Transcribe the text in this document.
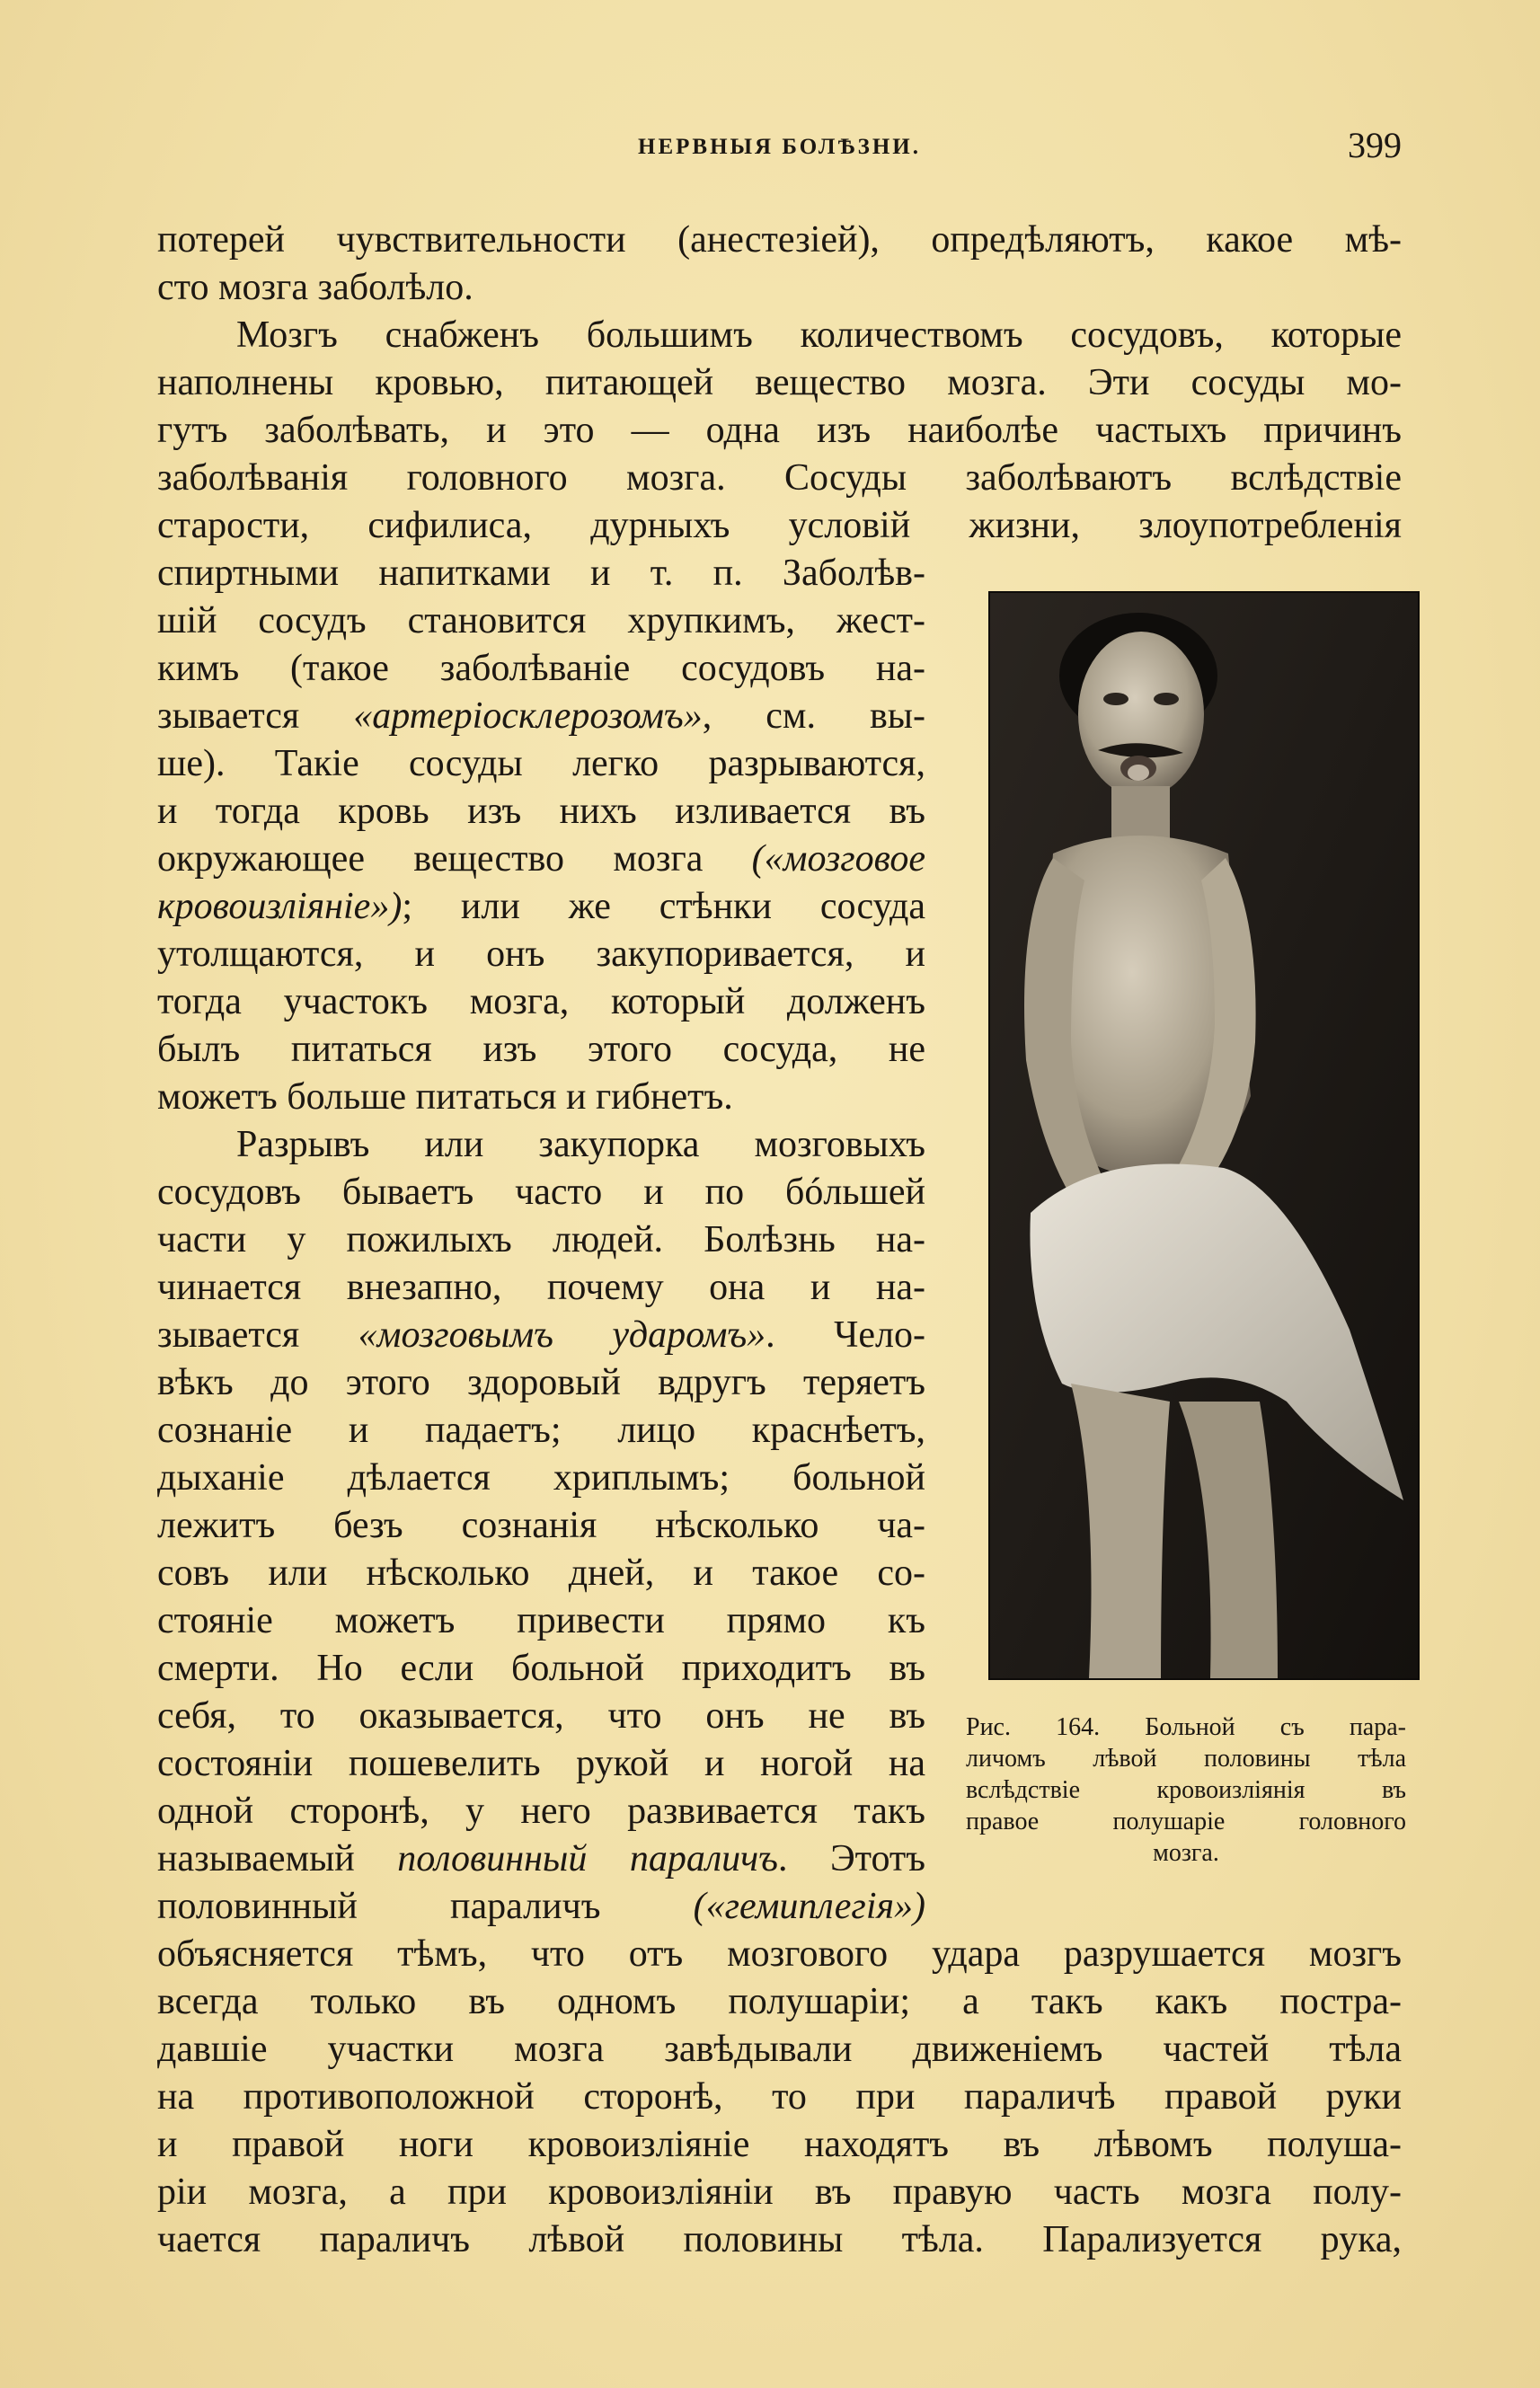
НЕРВНЫЯ БОЛѢЗНИ.	399
потерей чувствительности (анестезіей), опредѣляютъ, какое мѣ-
сто мозга заболѣло.
Мозгъ снабженъ большимъ количествомъ сосудовъ, которые
наполнены кровью, питающей вещество мозга. Эти сосуды мо-
гутъ заболѣвать, и это — одна изъ наиболѣе частыхъ причинъ
заболѣванія головного мозга. Сосуды заболѣваютъ вслѣдствіе
старости, сифилиса, дурныхъ условій жизни, злоупотребленія
спиртными напитками и т. п. Заболѣв-
шій сосудъ становится хрупкимъ, жест-
кимъ (такое заболѣваніе сосудовъ на-
зывается «артеріосклерозомъ», см. вы-
ше). Такіе сосуды легко разрываются,
и тогда кровь изъ нихъ изливается въ
окружающее вещество мозга («мозговое
кровоизліяніе»); или же стѣнки сосуда
утолщаются, и онъ закупоривается, и
тогда участокъ мозга, который долженъ
былъ питаться изъ этого сосуда, не
можетъ больше питаться и гибнетъ.
Разрывъ или закупорка мозговыхъ
сосудовъ бываетъ часто и по бóльшей
части у пожилыхъ людей. Болѣзнь на-
чинается внезапно, почему она и на-
зывается «мозговымъ ударомъ». Чело-
вѣкъ до этого здоровый вдругъ теряетъ
сознаніе и падаетъ; лицо краснѣетъ,
дыханіе дѣлается хриплымъ; больной
лежитъ безъ сознанія нѣсколько ча-
совъ или нѣсколько дней, и такое со-
стояніе можетъ привести прямо къ
смерти. Но если больной приходитъ въ
себя, то оказывается, что онъ не въ
состояніи пошевелить рукой и ногой на
одной сторонѣ, у него развивается такъ
называемый половинный параличъ. Этотъ
половинный параличъ («гемиплегія»)
объясняется тѣмъ, что отъ мозгового удара разрушается мозгъ
всегда только въ одномъ полушаріи; а такъ какъ постра-
давшіе участки мозга завѣдывали движеніемъ частей тѣла
на противоположной сторонѣ, то при параличѣ правой руки
и правой ноги кровоизліяніе находятъ въ лѣвомъ полуша-
ріи мозга, а при кровоизліяніи въ правую часть мозга полу-
чается параличъ лѣвой половины тѣла. Парализуется рука,
Рис. 164. Больной съ пара-
личомъ лѣвой половины тѣла
вслѣдствіе кровоизліянія въ
правое полушаріе головного
мозга.
